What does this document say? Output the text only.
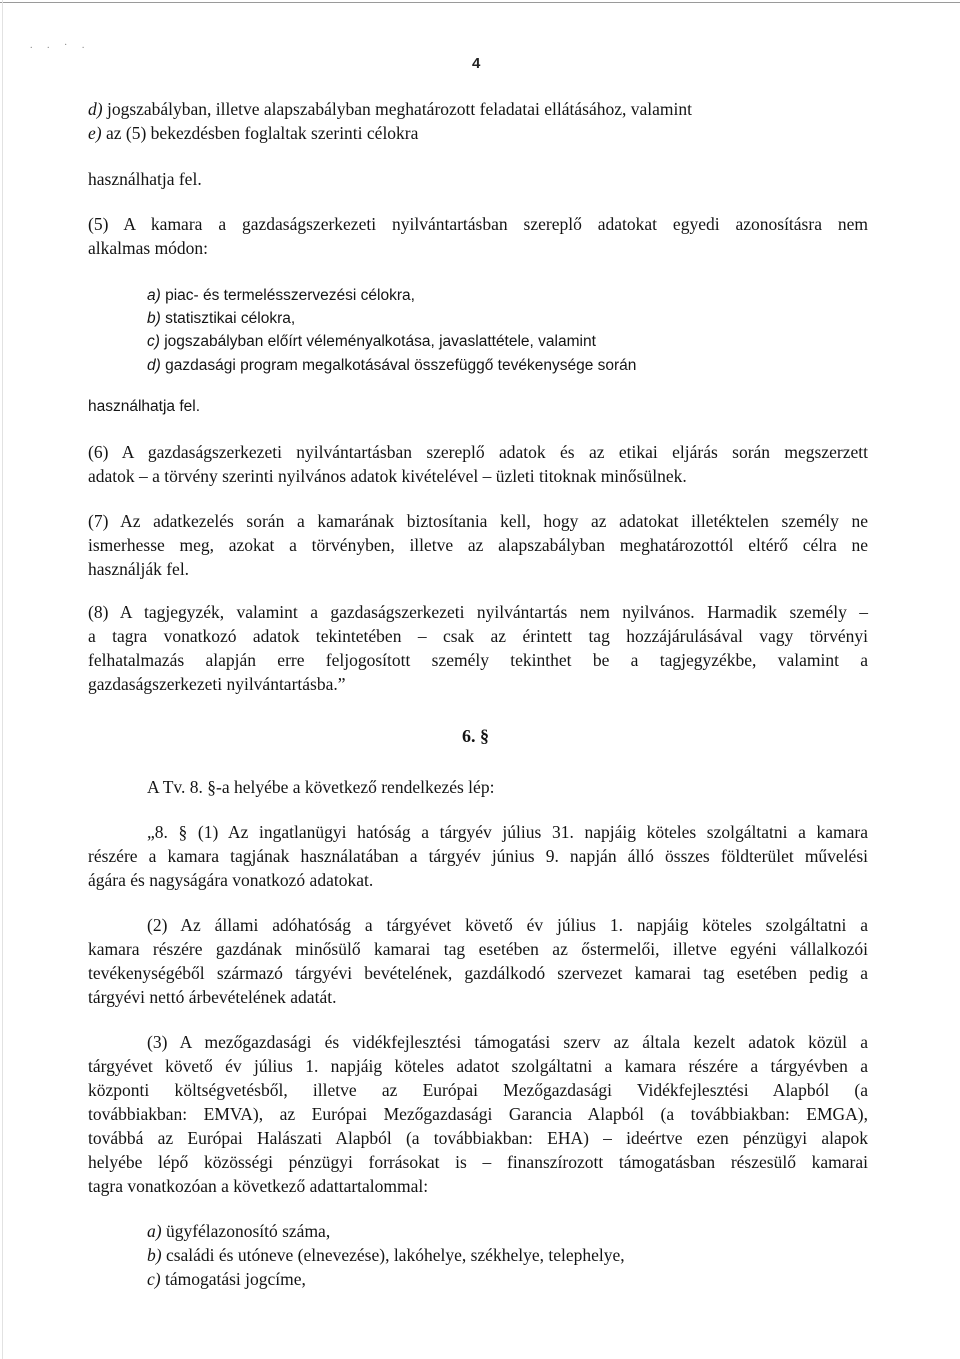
. . · .
4
d) jogszabályban, illetve alapszabályban meghatározott feladatai ellátásához, valamint
e) az (5) bekezdésben foglaltak szerinti célokra
használhatja fel.
(5) A kamara a gazdaságszerkezeti nyilvántartásban szereplő adatokat egyedi azonosításra nem
alkalmas módon:
a) piac- és termelésszervezési célokra,
b) statisztikai célokra,
c) jogszabályban előírt véleményalkotása, javaslattétele, valamint
d) gazdasági program megalkotásával összefüggő tevékenysége során
használhatja fel.
(6) A gazdaságszerkezeti nyilvántartásban szereplő adatok és az etikai eljárás során megszerzett
adatok – a törvény szerinti nyilvános adatok kivételével – üzleti titoknak minősülnek.
(7) Az adatkezelés során a kamarának biztosítania kell, hogy az adatokat illetéktelen személy ne
ismerhesse meg, azokat a törvényben, illetve az alapszabályban meghatározottól eltérő célra ne
használják fel.
(8) A tagjegyzék, valamint a gazdaságszerkezeti nyilvántartás nem nyilvános. Harmadik személy –
a tagra vonatkozó adatok tekintetében – csak az érintett tag hozzájárulásával vagy törvényi
felhatalmazás alapján erre feljogosított személy tekinthet be a tagjegyzékbe, valamint a
gazdaságszerkezeti nyilvántartásba.”
6. §
A Tv. 8. §-a helyébe a következő rendelkezés lép:
„8. § (1) Az ingatlanügyi hatóság a tárgyév július 31. napjáig köteles szolgáltatni a kamara
részére a kamara tagjának használatában a tárgyév június 9. napján álló összes földterület művelési
ágára és nagyságára vonatkozó adatokat.
(2) Az állami adóhatóság a tárgyévet követő év július 1. napjáig köteles szolgáltatni a
kamara részére gazdának minősülő kamarai tag esetében az őstermelői, illetve egyéni vállalkozói
tevékenységéből származó tárgyévi bevételének, gazdálkodó szervezet kamarai tag esetében pedig a
tárgyévi nettó árbevételének adatát.
(3) A mezőgazdasági és vidékfejlesztési támogatási szerv az általa kezelt adatok közül a
tárgyévet követő év július 1. napjáig köteles adatot szolgáltatni a kamara részére a tárgyévben a
központi költségvetésből, illetve az Európai Mezőgazdasági Vidékfejlesztési Alapból (a
továbbiakban: EMVA), az Európai Mezőgazdasági Garancia Alapból (a továbbiakban: EMGA),
továbbá az Európai Halászati Alapból (a továbbiakban: EHA) – ideértve ezen pénzügyi alapok
helyébe lépő közösségi pénzügyi forrásokat is – finanszírozott támogatásban részesülő kamarai
tagra vonatkozóan a következő adattartalommal:
a) ügyfélazonosító száma,
b) családi és utóneve (elnevezése), lakóhelye, székhelye, telephelye,
c) támogatási jogcíme,
